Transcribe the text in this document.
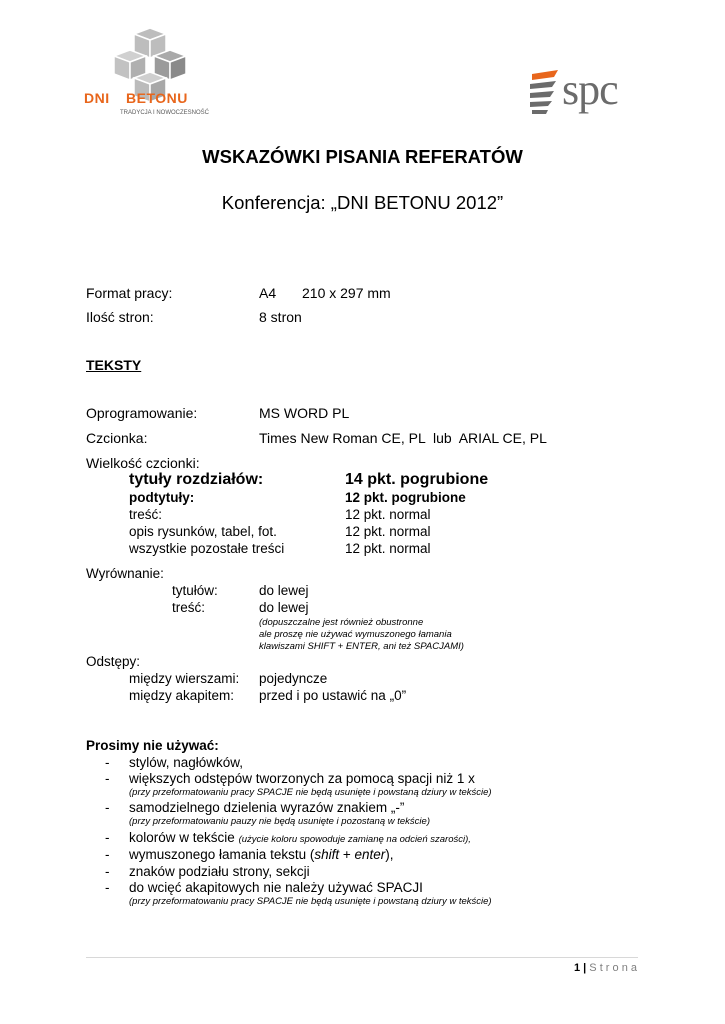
DNI BETONU
TRADYCJA I NOWOCZESNOŚĆ	spc
WSKAZÓWKI PISANIA REFERATÓW
Konferencja: „DNI BETONU 2012”
Format pracy:	A4 210 x 297 mm
Ilość stron:	8 stron
TEKSTY
Oprogramowanie:	MS WORD PL
Czcionka:	Times New Roman CE, PL  lub  ARIAL CE, PL
Wielkość czcionki:
tytuły rozdziałów:	14 pkt. pogrubione
podtytuły:	12 pkt. pogrubione
treść:	12 pkt. normal
opis rysunków, tabel, fot.	12 pkt. normal
wszystkie pozostałe treści	12 pkt. normal
Wyrównanie:
tytułów:	do lewej
treść:	do lewej
(dopuszczalne jest również obustronne
ale proszę nie używać wymuszonego łamania
klawiszami SHIFT + ENTER, ani też SPACJAMI)
Odstępy:
między wierszami: pojedyncze
między akapitem: przed i po ustawić na „0”
Prosimy nie używać:
- stylów, nagłówków,
- większych odstępów tworzonych za pomocą spacji niż 1 x
(przy przeformatowaniu pracy SPACJE nie będą usunięte i powstaną dziury w tekście)
- samodzielnego dzielenia wyrazów znakiem „-”
(przy przeformatowaniu pauzy nie będą usunięte i pozostaną w tekście)
- kolorów w tekście (użycie koloru spowoduje zamianę na odcień szarości),
- wymuszonego łamania tekstu (shift + enter),
- znaków podziału strony, sekcji
- do wcięć akapitowych nie należy używać SPACJI
(przy przeformatowaniu pracy SPACJE nie będą usunięte i powstaną dziury w tekście)
1 | S t r o n a
